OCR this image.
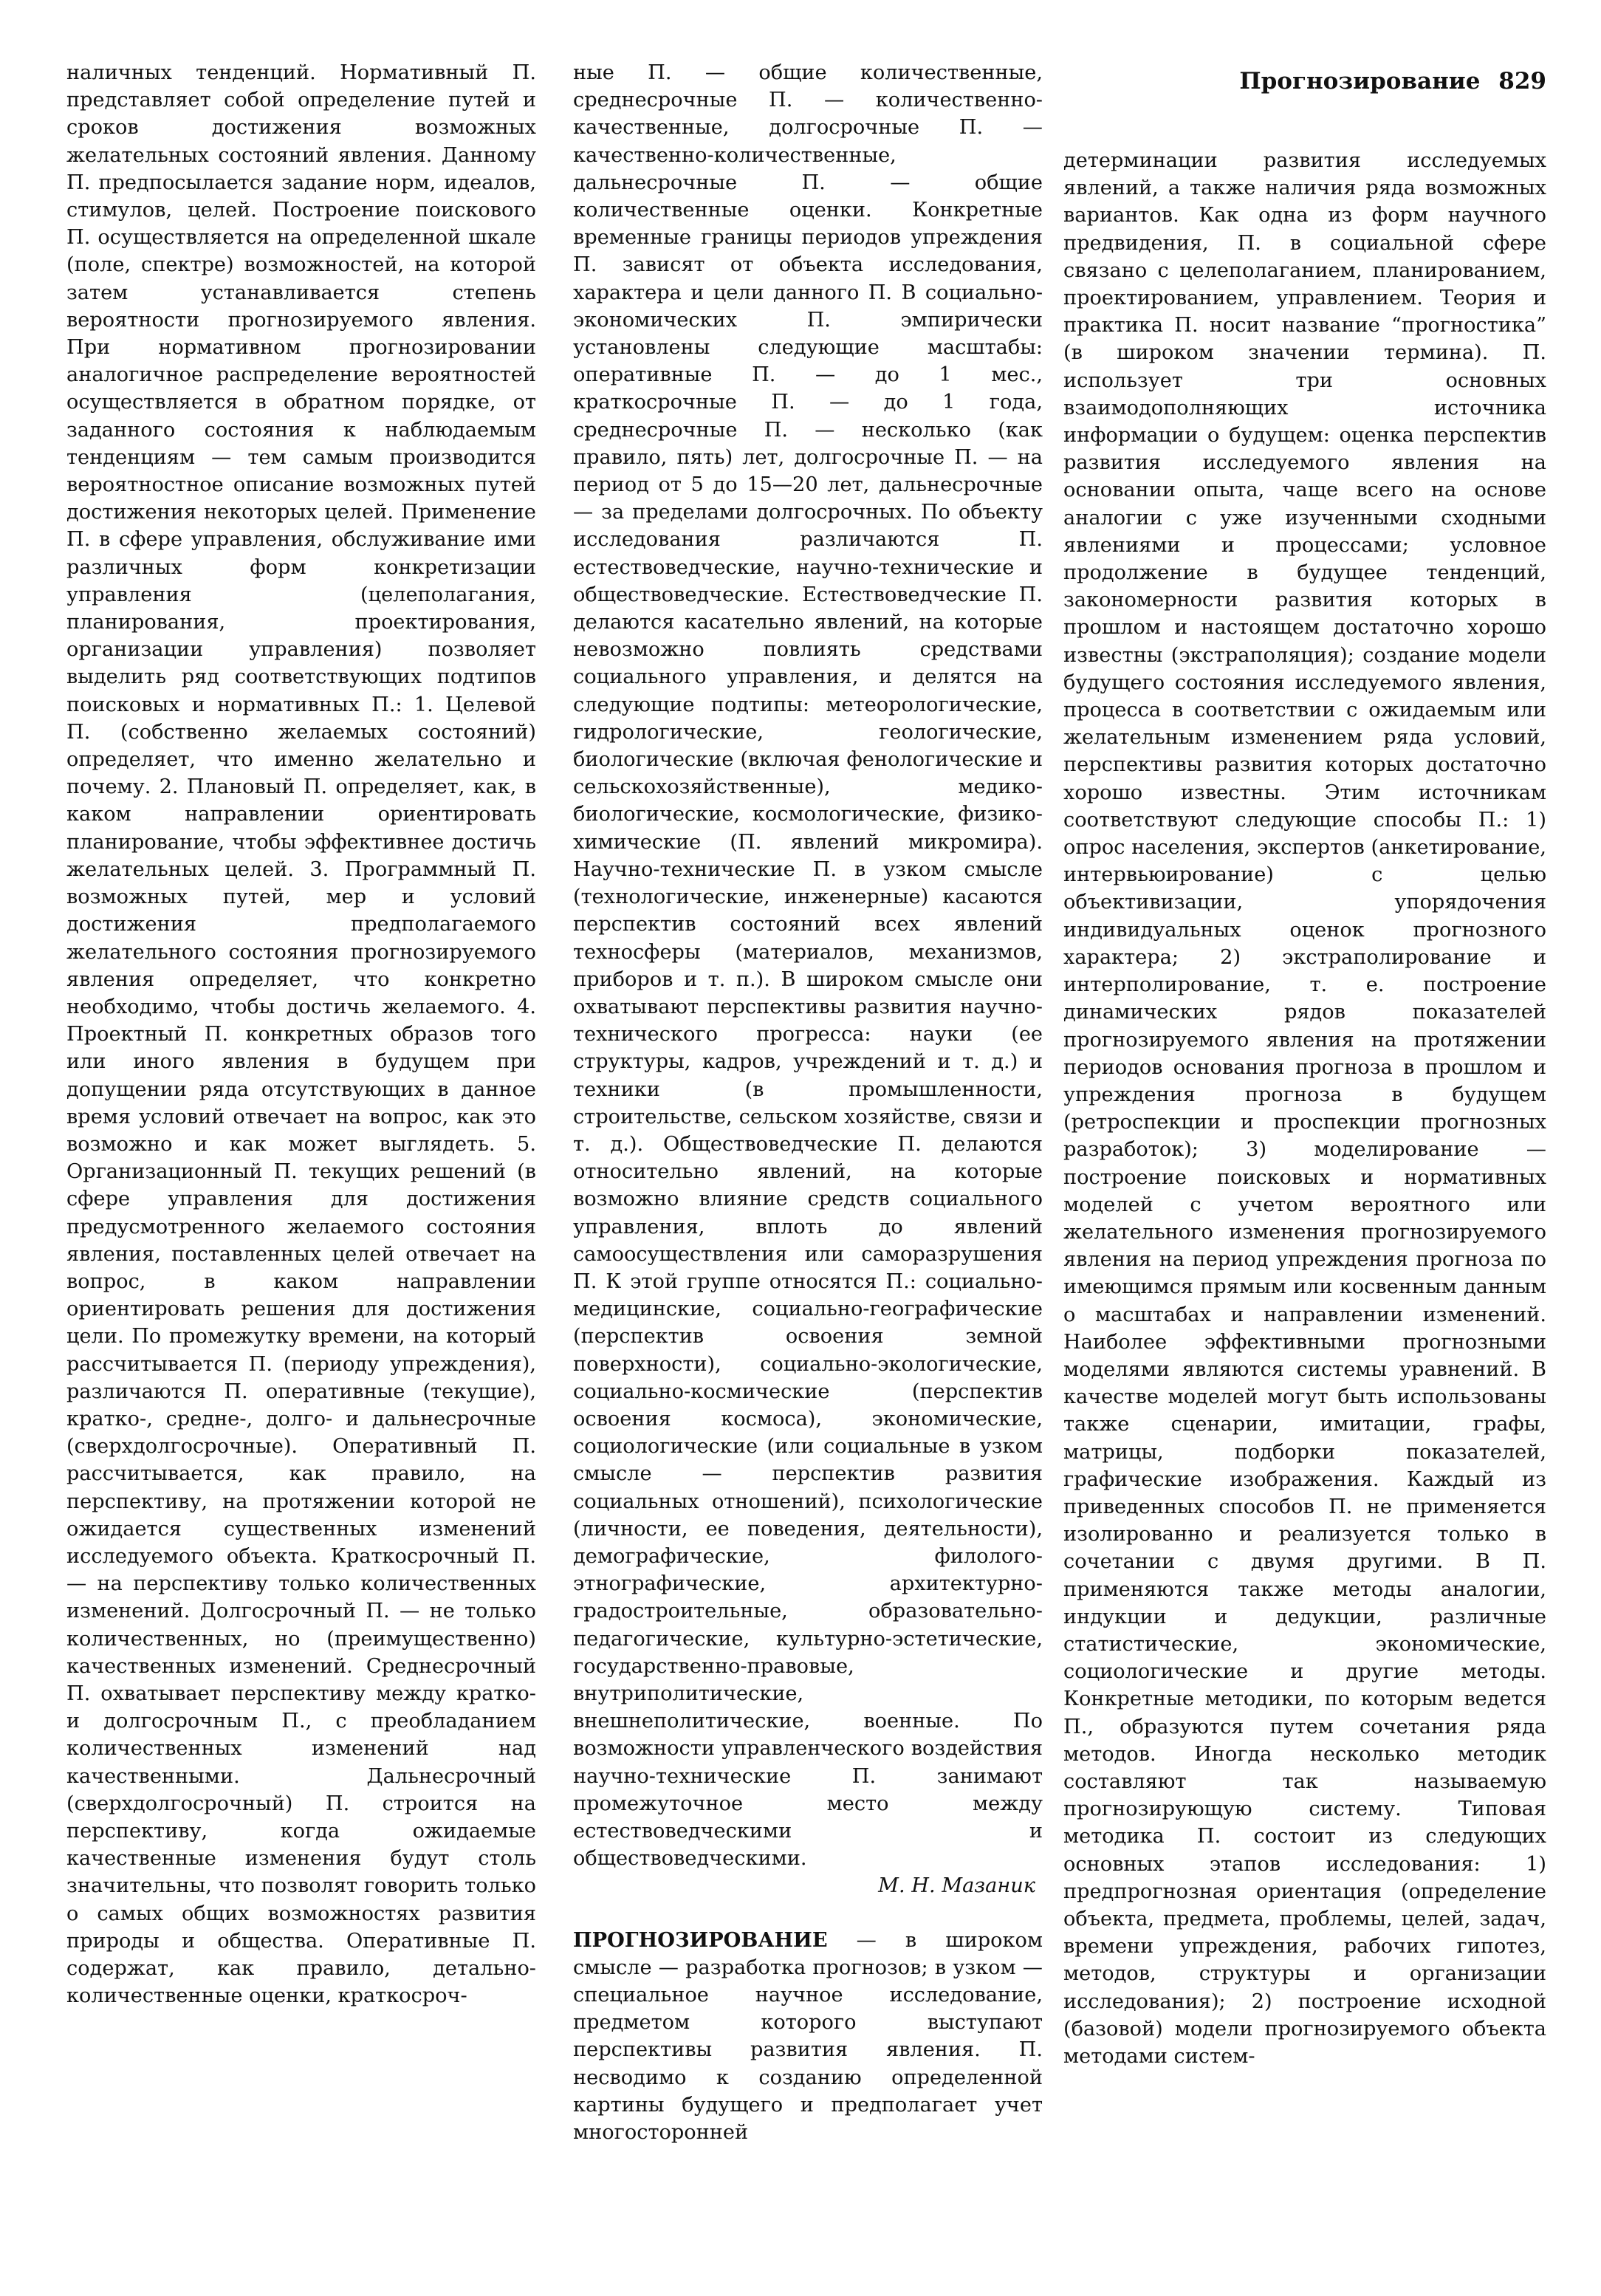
Прогнозирование 829

наличных тенденций. Нормативный П. представляет собой определение путей и сроков достижения возможных желательных состояний явления. Данному П. предпосылается задание норм, идеалов, стимулов, целей. Построение поискового П. осуществляется на определенной шкале (поле, спектре) возможностей, на которой затем устанавливается степень вероятности прогнозируемого явления. При нормативном прогнозировании аналогичное распределение вероятностей осуществляется в обратном порядке, от заданного состояния к наблюдаемым тенденциям — тем самым производится вероятностное описание возможных путей достижения некоторых целей. Применение П. в сфере управления, обслуживание ими различных форм конкретизации управления (целеполагания, планирования, проектирования, организации управления) позволяет выделить ряд соответствующих подтипов поисковых и нормативных П.: 1. Целевой П. (собственно желаемых состояний) определяет, что именно желательно и почему. 2. Плановый П. определяет, как, в каком направлении ориентировать планирование, чтобы эффективнее достичь желательных целей. 3. Программный П. возможных путей, мер и условий достижения предполагаемого желательного состояния прогнозируемого явления определяет, что конкретно необходимо, чтобы достичь желаемого. 4. Проектный П. конкретных образов того или иного явления в будущем при допущении ряда отсутствующих в данное время условий отвечает на вопрос, как это возможно и как может выглядеть. 5. Организационный П. текущих решений (в сфере управления для достижения предусмотренного желаемого состояния явления, поставленных целей отвечает на вопрос, в каком направлении ориентировать решения для достижения цели. По промежутку времени, на который рассчитывается П. (периоду упреждения), различаются П. оперативные (текущие), кратко-, средне-, долго- и дальнесрочные (сверхдолгосрочные). Оперативный П. рассчитывается, как правило, на перспективу, на протяжении которой не ожидается существенных изменений исследуемого объекта. Краткосрочный П. — на перспективу только количественных изменений. Долгосрочный П. — не только количественных, но (преимущественно) качественных изменений. Среднесрочный П. охватывает перспективу между кратко- и долгосрочным П., с преобладанием количественных изменений над качественными. Дальнесрочный (сверхдолгосрочный) П. строится на перспективу, когда ожидаемые качественные изменения будут столь значительны, что позволят говорить только о самых общих возможностях развития природы и общества. Оперативные П. содержат, как правило, детально-количественные оценки, краткосроч-

ные П. — общие количественные, среднесрочные П. — количественно-качественные, долгосрочные П. — качественно-количественные, дальнесрочные П. — общие количественные оценки. Конкретные временные границы периодов упреждения П. зависят от объекта исследования, характера и цели данного П. В социально-экономических П. эмпирически установлены следующие масштабы: оперативные П. — до 1 мес., краткосрочные П. — до 1 года, среднесрочные П. — несколько (как правило, пять) лет, долгосрочные П. — на период от 5 до 15—20 лет, дальнесрочные — за пределами долгосрочных. По объекту исследования различаются П. естествоведческие, научно-технические и обществоведческие. Естествоведческие П. делаются касательно явлений, на которые невозможно повлиять средствами социального управления, и делятся на следующие подтипы: метеорологические, гидрологические, геологические, биологические (включая фенологические и сельскохозяйственные), медико-биологические, космологические, физико-химические (П. явлений микромира). Научно-технические П. в узком смысле (технологические, инженерные) касаются перспектив состояний всех явлений техносферы (материалов, механизмов, приборов и т. п.). В широком смысле они охватывают перспективы развития научно-технического прогресса: науки (ее структуры, кадров, учреждений и т. д.) и техники (в промышленности, строительстве, сельском хозяйстве, связи и т. д.). Обществоведческие П. делаются относительно явлений, на которые возможно влияние средств социального управления, вплоть до явлений самоосуществления или саморазрушения П. К этой группе относятся П.: социально-медицинские, социально-географические (перспектив освоения земной поверхности), социально-экологические, социально-космические (перспектив освоения космоса), экономические, социологические (или социальные в узком смысле — перспектив развития социальных отношений), психологические (личности, ее поведения, деятельности), демографические, филолого-этнографические, архитектурно-градостроительные, образовательно-педагогические, культурно-эстетические, государственно-правовые, внутриполитические, внешнеполитические, военные. По возможности управленческого воздействия научно-технические П. занимают промежуточное место между естествоведческими и обществоведческими.

М. Н. Мазаник

ПРОГНОЗИРОВАНИЕ — в широком смысле — разработка прогнозов; в узком — специальное научное исследование, предметом которого выступают перспективы развития явления. П. несводимо к созданию определенной картины будущего и предполагает учет многосторонней

детерминации развития исследуемых явлений, а также наличия ряда возможных вариантов. Как одна из форм научного предвидения, П. в социальной сфере связано с целеполаганием, планированием, проектированием, управлением. Теория и практика П. носит название “прогностика” (в широком значении термина). П. использует три основных взаимодополняющих источника информации о будущем: оценка перспектив развития исследуемого явления на основании опыта, чаще всего на основе аналогии с уже изученными сходными явлениями и процессами; условное продолжение в будущее тенденций, закономерности развития которых в прошлом и настоящем достаточно хорошо известны (экстраполяция); создание модели будущего состояния исследуемого явления, процесса в соответствии с ожидаемым или желательным изменением ряда условий, перспективы развития которых достаточно хорошо известны. Этим источникам соответствуют следующие способы П.: 1) опрос населения, экспертов (анкетирование, интервьюирование) с целью объективизации, упорядочения индивидуальных оценок прогнозного характера; 2) экстраполирование и интерполирование, т. е. построение динамических рядов показателей прогнозируемого явления на протяжении периодов основания прогноза в прошлом и упреждения прогноза в будущем (ретроспекции и проспекции прогнозных разработок); 3) моделирование — построение поисковых и нормативных моделей с учетом вероятного или желательного изменения прогнозируемого явления на период упреждения прогноза по имеющимся прямым или косвенным данным о масштабах и направлении изменений. Наиболее эффективными прогнозными моделями являются системы уравнений. В качестве моделей могут быть использованы также сценарии, имитации, графы, матрицы, подборки показателей, графические изображения. Каждый из приведенных способов П. не применяется изолированно и реализуется только в сочетании с двумя другими. В П. применяются также методы аналогии, индукции и дедукции, различные статистические, экономические, социологические и другие методы. Конкретные методики, по которым ведется П., образуются путем сочетания ряда методов. Иногда несколько методик составляют так называемую прогнозирующую систему. Типовая методика П. состоит из следующих основных этапов исследования: 1) предпрогнозная ориентация (определение объекта, предмета, проблемы, целей, задач, времени упреждения, рабочих гипотез, методов, структуры и организации исследования); 2) построение исходной (базовой) модели прогнозируемого объекта методами систем-
